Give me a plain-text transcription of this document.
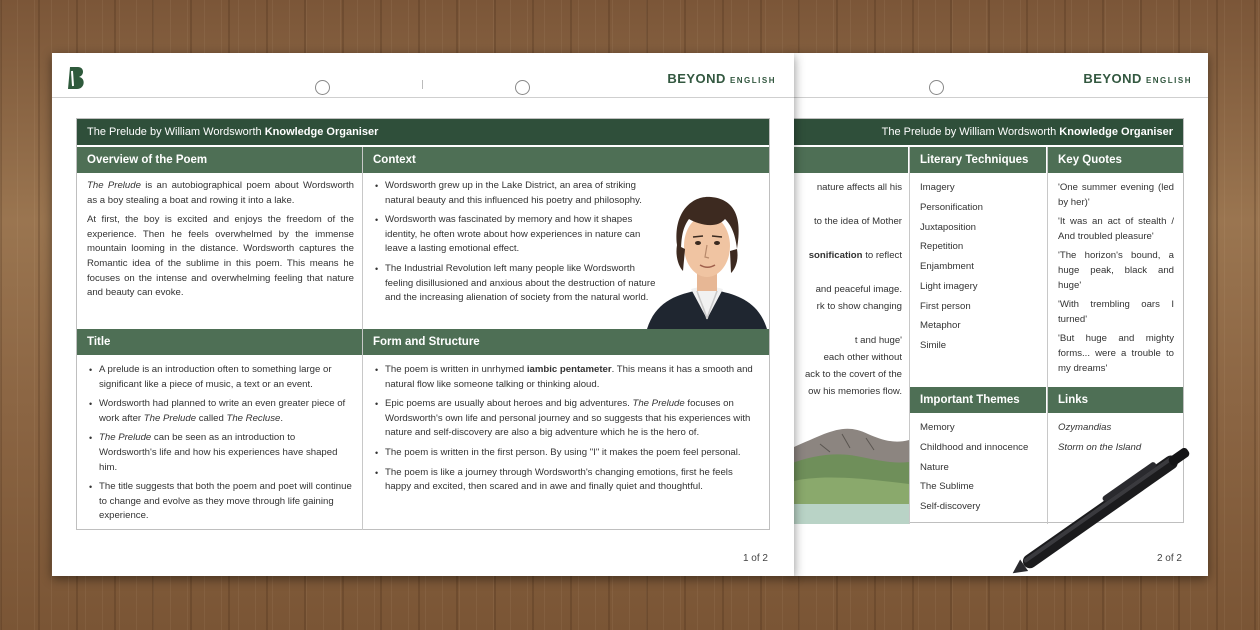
BEYOND ENGLISH
The Prelude by William Wordsworth Knowledge Organiser
Literary Techniques	Key Quotes
nature affects all his
to the idea of Mother
sonification to reflect
and peaceful image.
rk to show changing
t and huge'
each other without
ack to the covert of the
ow his memories flow.
Imagery
Personification
Juxtaposition
Repetition
Enjambment
Light imagery
First person
Metaphor
Simile
'One summer evening (led by her)'
'It was an act of stealth / And troubled pleasure'
'The horizon's bound, a huge peak, black and huge'
'With trembling oars I turned'
'But huge and mighty forms... were a trouble to my dreams'
Important Themes	Links
Memory
Childhood and innocence
Nature
The Sublime
Self-discovery
Ozymandias
Storm on the Island
2 of 2
BEYOND ENGLISH
The Prelude by William Wordsworth Knowledge Organiser
Overview of the Poem	Context

The Prelude is an autobiographical poem about Wordsworth as a boy stealing a boat and rowing it into a lake.

At first, the boy is excited and enjoys the freedom of the experience. Then he feels overwhelmed by the immense mountain looming in the distance. Wordsworth captures the Romantic idea of the sublime in this poem. This means he focuses on the intense and overwhelming feeling that nature and beauty can evoke.

• Wordsworth grew up in the Lake District, an area of striking natural beauty and this influenced his poetry and philosophy.
• Wordsworth was fascinated by memory and how it shapes identity, he often wrote about how experiences in nature can leave a lasting emotional effect.
• The Industrial Revolution left many people like Wordsworth feeling disillusioned and anxious about the destruction of nature and the increasing alienation of society from the natural world.
Title	Form and Structure
• A prelude is an introduction often to something large or significant like a piece of music, a text or an event.
• Wordsworth had planned to write an even greater piece of work after The Prelude called The Recluse.
• The Prelude can be seen as an introduction to Wordsworth's life and how his experiences have shaped him.
• The title suggests that both the poem and poet will continue to change and evolve as they move through life gaining experience.
• The poem is written in unrhymed iambic pentameter. This means it has a smooth and natural flow like someone talking or thinking aloud.
• Epic poems are usually about heroes and big adventures. The Prelude focuses on Wordsworth's own life and personal journey and so suggests that his experiences with nature and self-discovery are also a big adventure which he is the hero of.
• The poem is written in the first person. By using "I" it makes the poem feel personal.
• The poem is like a journey through Wordsworth's changing emotions, first he feels happy and excited, then scared and in awe and finally quiet and thoughtful.
1 of 2
